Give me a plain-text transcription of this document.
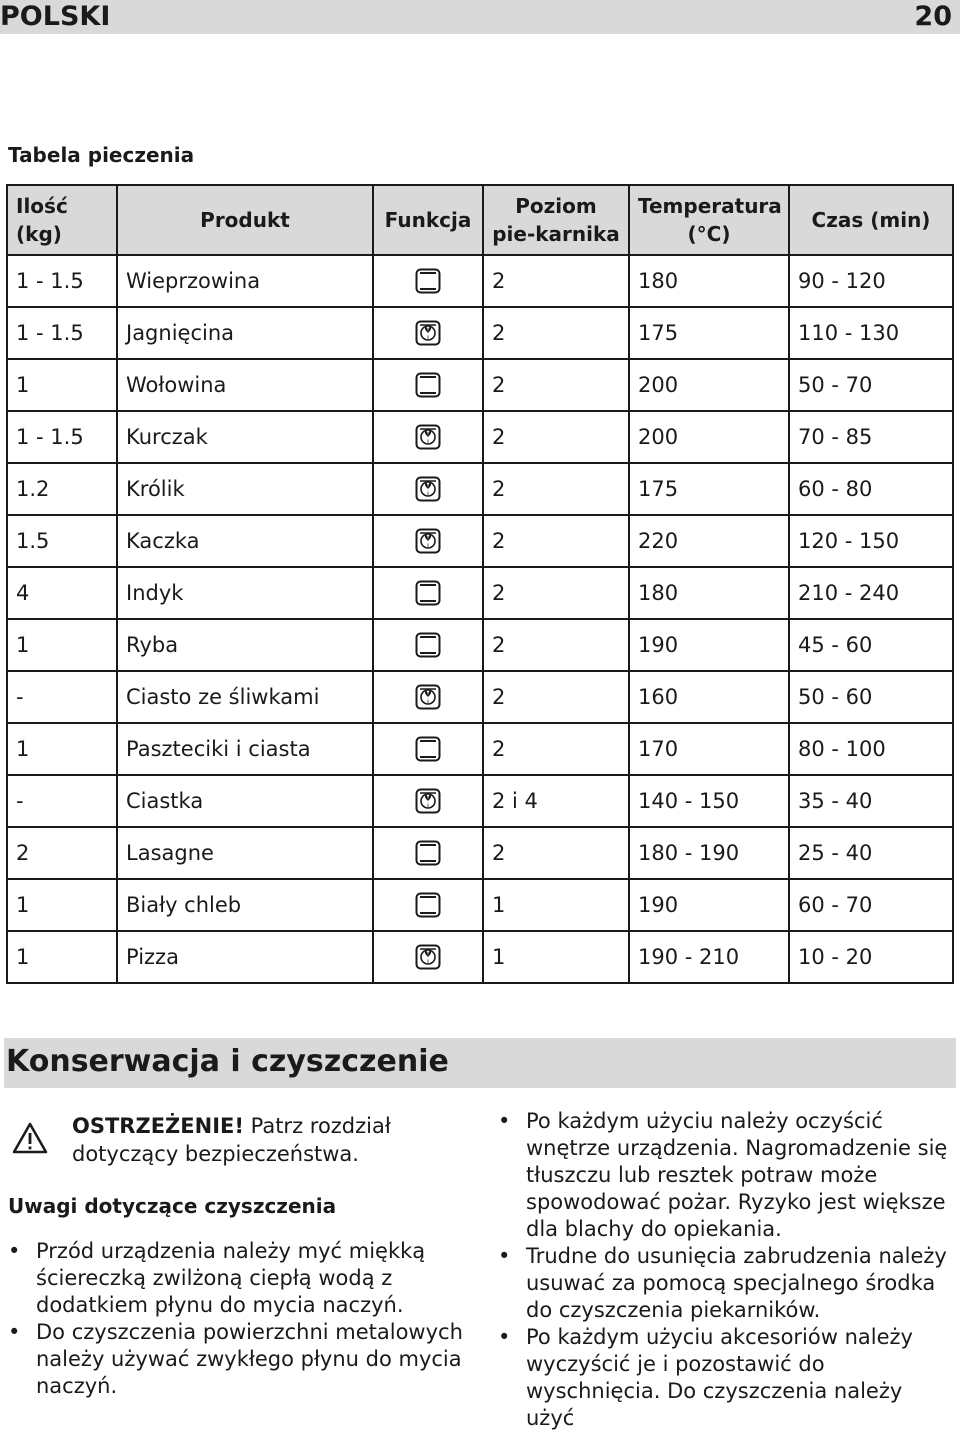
POLSKI	20
Tabela pieczenia
Ilość (kg)	Produkt	Funkcja	Poziom pie-karnika	Temperatura (°C)	Czas (min)
1 - 1.5	Wieprzowina		2	180	90 - 120
1 - 1.5	Jagnięcina		2	175	110 - 130
1	Wołowina		2	200	50 - 70
1 - 1.5	Kurczak		2	200	70 - 85
1.2	Królik		2	175	60 - 80
1.5	Kaczka		2	220	120 - 150
4	Indyk		2	180	210 - 240
1	Ryba		2	190	45 - 60
-	Ciasto ze śliwkami		2	160	50 - 60
1	Paszteciki i ciasta		2	170	80 - 100
-	Ciastka		2 i 4	140 - 150	35 - 40
2	Lasagne		2	180 - 190	25 - 40
1	Biały chleb		1	190	60 - 70
1	Pizza		1	190 - 210	10 - 20
Konserwacja i czyszczenie
OSTRZEŻENIE! Patrz rozdział dotyczący bezpieczeństwa.
Uwagi dotyczące czyszczenia
• Przód urządzenia należy myć miękką ściereczką zwilżoną ciepłą wodą z dodatkiem płynu do mycia naczyń.
• Do czyszczenia powierzchni metalowych należy używać zwykłego płynu do mycia naczyń.
• Po każdym użyciu należy oczyścić wnętrze urządzenia. Nagromadzenie się tłuszczu lub resztek potraw może spowodować pożar. Ryzyko jest większe dla blachy do opiekania.
• Trudne do usunięcia zabrudzenia należy usuwać za pomocą specjalnego środka do czyszczenia piekarników.
• Po każdym użyciu akcesoriów należy wyczyścić je i pozostawić do wyschnięcia. Do czyszczenia należy użyć
